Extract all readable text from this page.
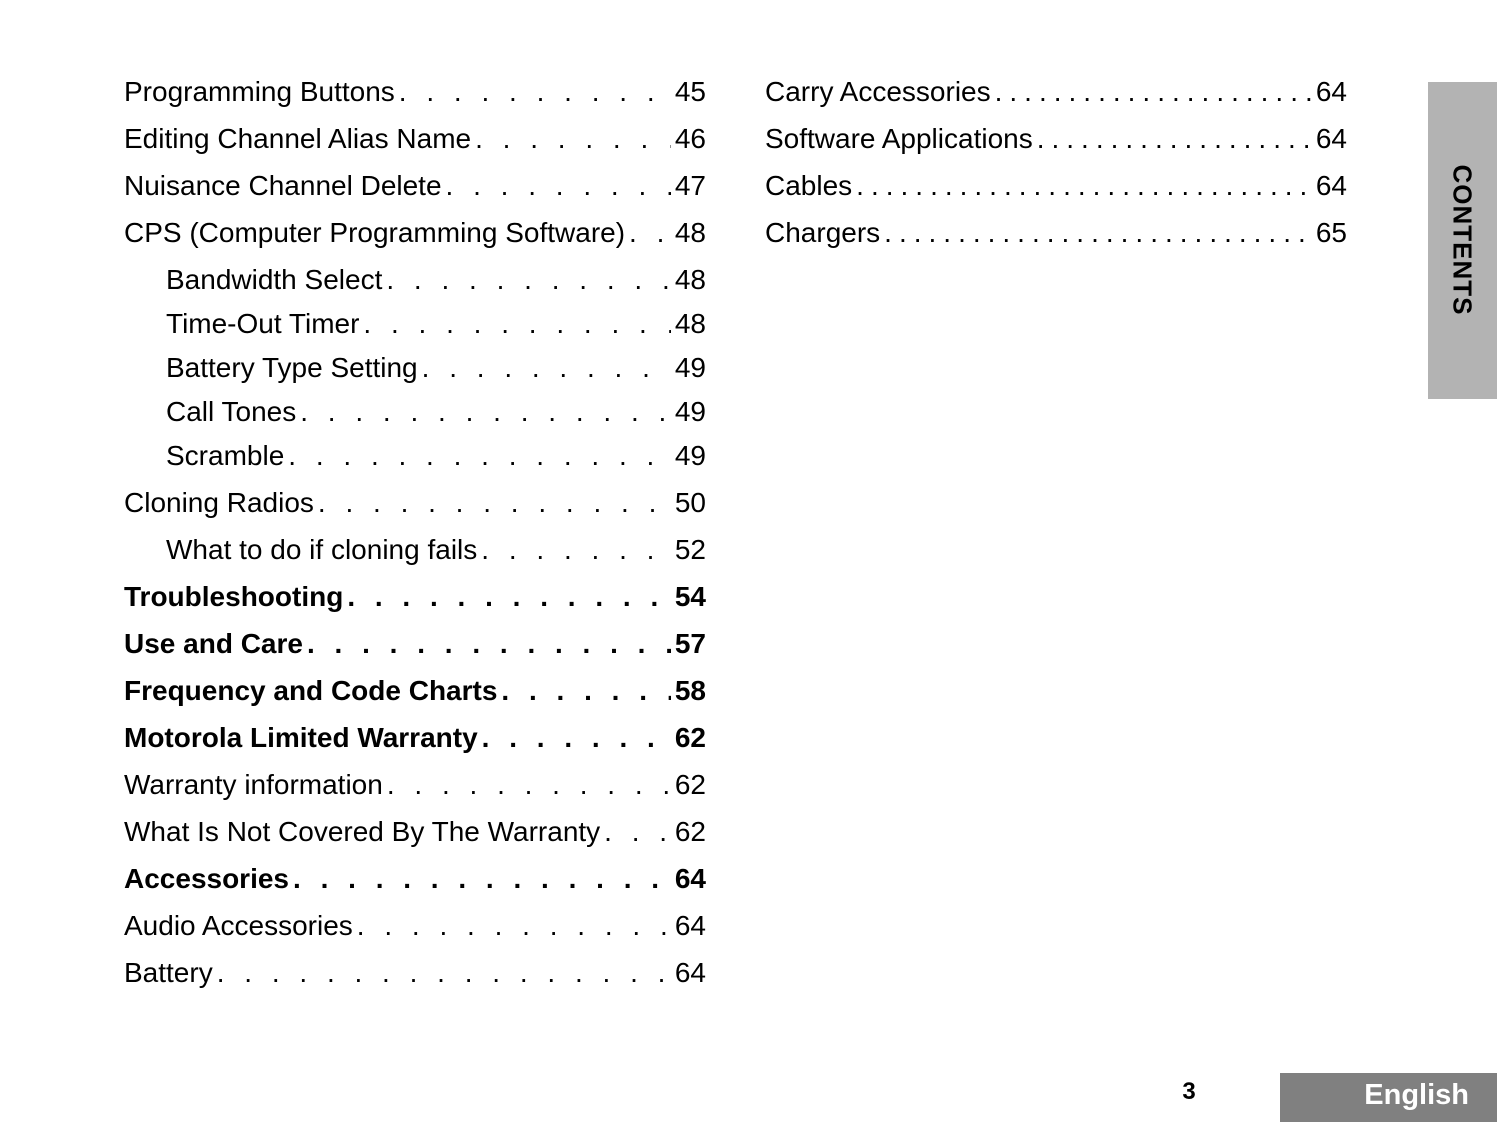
Programming Buttons . . .	45
Editing Channel Alias Name . . .	46
Nuisance Channel Delete . . .	47
CPS (Computer Programming Software) . . . 48
Bandwidth Select . . .	48
Time-Out Timer . . .	48
Battery Type Setting . . .	49
Call Tones . . .	49
Scramble . . .	49
Cloning Radios . . .	50
What to do if cloning fails . . .	52
Troubleshooting . . .	54
Use and Care . . .	57
Frequency and Code Charts . . .	58
Motorola Limited Warranty . . .	62
Warranty information . . .	62
What Is Not Covered By The Warranty . . .	62
Accessories . . .	64
Audio Accessories . . .	64
Battery . . .	64
Carry Accessories .....	64
Software Applications .....	64
Cables .....	64
Chargers .....	65	CONTENTS
3	English
